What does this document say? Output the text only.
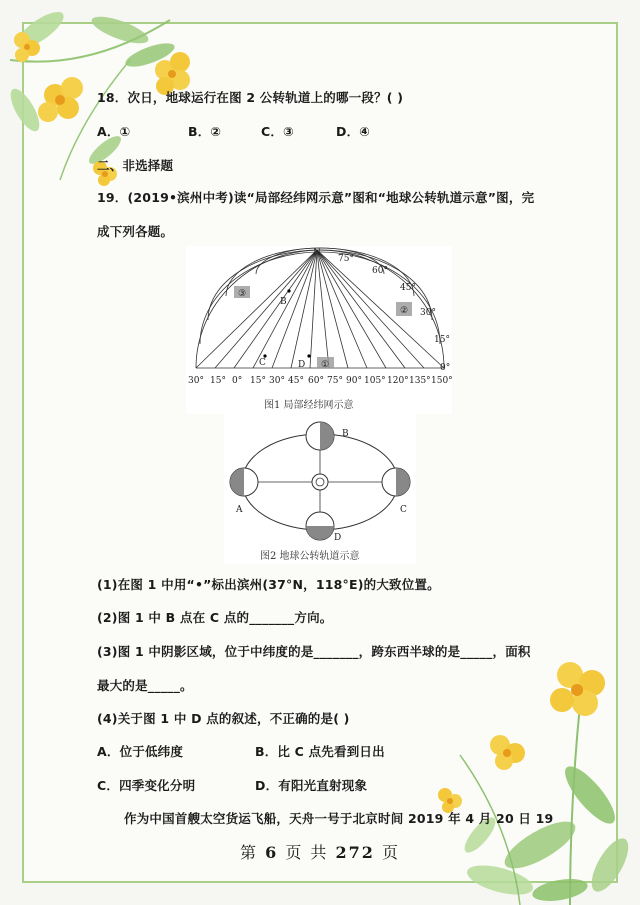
18．次日，地球运行在图 2 公转轨道上的哪一段？( )
A．①	B．②	C．③	D．④
二、非选择题
19．(2019•滨州中考)读“局部经纬网示意”图和“地球公转轨道示意”图，完
成下列各题。
③
②
①
B
C	D
N
75°
60°
45°
30°
15°
0°
30° 15° 0° 15° 30° 45° 60° 75° 90° 105° 120° 135° 150°
图1 局部经纬网示意
B
A	C
D
图2 地球公转轨道示意
(1)在图 1 中用“•”标出滨州(37°N，118°E)的大致位置。
(2)图 1 中 B 点在 C 点的_______方向。
(3)图 1 中阴影区域，位于中纬度的是_______，跨东西半球的是_____，面积
最大的是_____。
(4)关于图 1 中 D 点的叙述，不正确的是( )
A．位于低纬度	B．比 C 点先看到日出
C．四季变化分明	D．有阳光直射现象
作为中国首艘太空货运飞船，天舟一号于北京时间 2019 年 4 月 20 日 19
第 6 页 共 272 页
